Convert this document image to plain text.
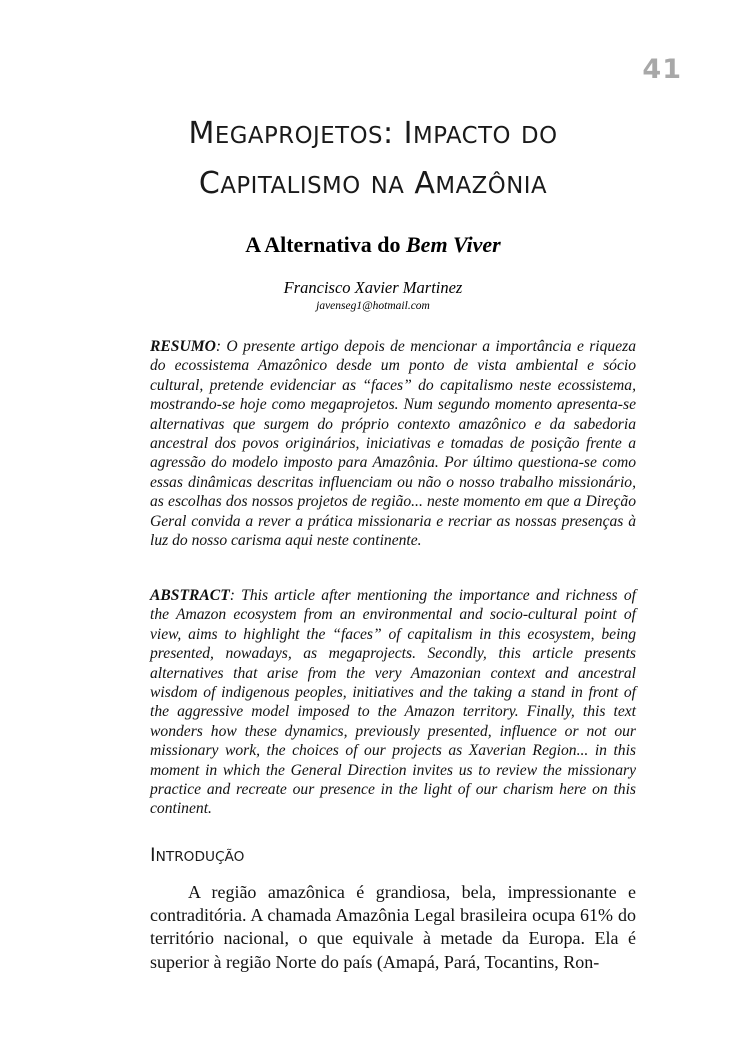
41
MEGAPROJETOS: IMPACTO DO
CAPITALISMO NA AMAZÔNIA
A Alternativa do Bem Viver
Francisco Xavier Martinez
javenseg1@hotmail.com
RESUMO: O presente artigo depois de mencionar a importância e riqueza do ecossistema Amazônico desde um ponto de vista ambiental e sócio cultural, pretende evidenciar as “faces” do capitalismo neste ecossistema, mostrando-se hoje como megaprojetos. Num segundo momento apresenta-se alternativas que surgem do próprio contexto amazônico e da sabedoria ancestral dos povos originários, iniciativas e tomadas de posição frente a agressão do modelo imposto para Amazônia. Por último questiona-se como essas dinâmicas descritas influenciam ou não o nosso trabalho missionário, as escolhas dos nossos projetos de região... neste momento em que a Direção Geral convida a rever a prática missionaria e recriar as nossas presenças à luz do nosso carisma aqui neste continente.
ABSTRACT: This article after mentioning the importance and richness of the Amazon ecosystem from an environmental and socio-cultural point of view, aims to highlight the “faces” of capitalism in this ecosystem, being presented, nowadays, as megaprojects. Secondly, this article presents alternatives that arise from the very Amazonian context and ancestral wisdom of indigenous peoples, initiatives and the taking a stand in front of the aggressive model imposed to the Amazon territory. Finally, this text wonders how these dynamics, previously presented, influence or not our missionary work, the choices of our projects as Xaverian Region... in this moment in which the General Direction invites us to review the missionary practice and recreate our presence in the light of our charism here on this continent.
INTRODUÇÃO
A região amazônica é grandiosa, bela, impressionante e contraditória. A chamada Amazônia Legal brasileira ocupa 61% do território nacional, o que equivale à metade da Europa. Ela é superior à região Norte do país (Amapá, Pará, Tocantins, Ron-
